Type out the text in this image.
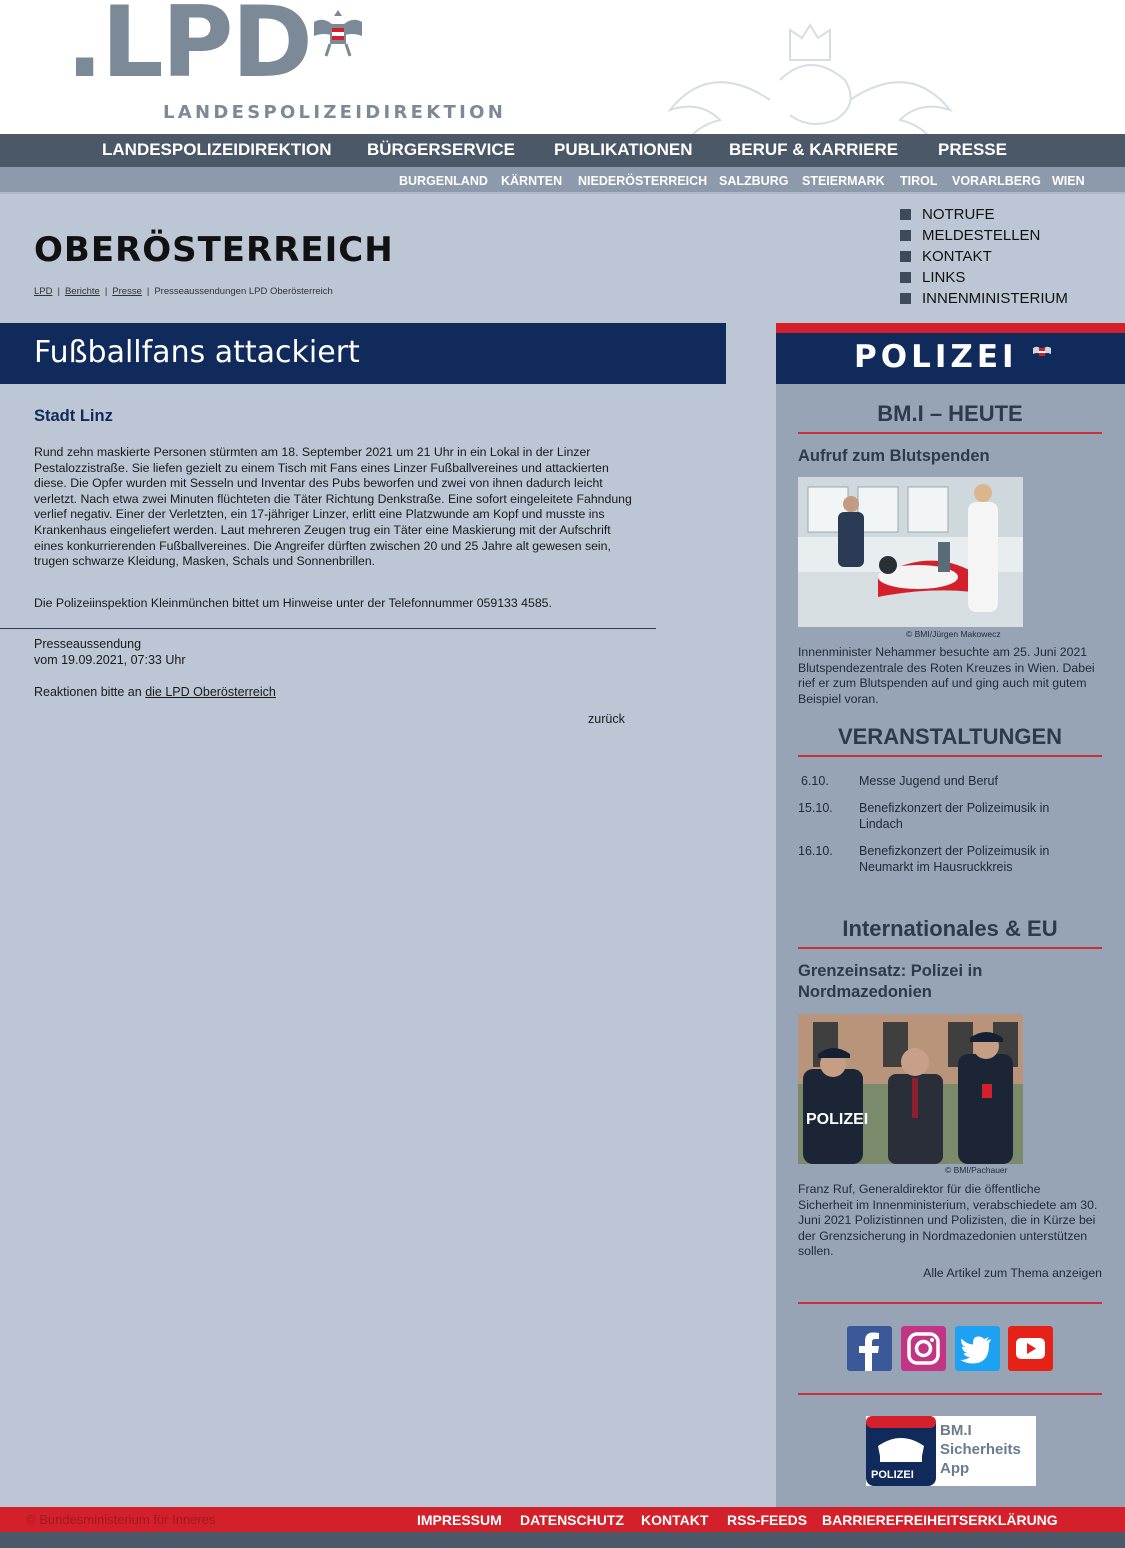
.LPD
LANDESPOLIZEIDIREKTION
LANDESPOLIZEIDIREKTION BÜRGERSERVICE PUBLIKATIONEN BERUF & KARRIERE PRESSE
BURGENLAND KÄRNTEN NIEDERÖSTERREICH SALZBURG STEIERMARK TIROL VORARLBERG WIEN
OBERÖSTERREICH
LPD | Berichte | Presse | Presseaussendungen LPD Oberösterreich
NOTRUFE
MELDESTELLEN
KONTAKT
LINKS
INNENMINISTERIUM
Fußballfans attackiert
Stadt Linz

Rund zehn maskierte Personen stürmten am 18. September 2021 um 21 Uhr in ein Lokal in der Linzer Pestalozzistraße. Sie liefen gezielt zu einem Tisch mit Fans eines Linzer Fußballvereines und attackierten diese. Die Opfer wurden mit Sesseln und Inventar des Pubs beworfen und zwei von ihnen dadurch leicht verletzt. Nach etwa zwei Minuten flüchteten die Täter Richtung Denkstraße. Eine sofort eingeleitete Fahndung verlief negativ. Einer der Verletzten, ein 17-jähriger Linzer, erlitt eine Platzwunde am Kopf und musste ins Krankenhaus eingeliefert werden. Laut mehreren Zeugen trug ein Täter eine Maskierung mit der Aufschrift eines konkurrierenden Fußballvereines. Die Angreifer dürften zwischen 20 und 25 Jahre alt gewesen sein, trugen schwarze Kleidung, Masken, Schals und Sonnenbrillen.

Die Polizeiinspektion Kleinmünchen bittet um Hinweise unter der Telefonnummer 059133 4585.

Presseaussendung
vom 19.09.2021, 07:33 Uhr
Reaktionen bitte an die LPD Oberösterreich
zurück
POLIZEI
BM.I – HEUTE
Aufruf zum Blutspenden
© BMI/Jürgen Makowecz

Innenminister Nehammer besuchte am 25. Juni 2021 Blutspendezentrale des Roten Kreuzes in Wien. Dabei rief er zum Blutspenden auf und ging auch mit gutem Beispiel voran.

VERANSTALTUNGEN
6.10. Messe Jugend und Beruf
15.10. Benefizkonzert der Polizeimusik in Lindach
16.10. Benefizkonzert der Polizeimusik in Neumarkt im Hausruckkreis
Internationales & EU
Grenzeinsatz: Polizei in Nordmazedonien
POLIZEI
© BMI/Pachauer

Franz Ruf, Generaldirektor für die öffentliche Sicherheit im Innenministerium, verabschiedete am 30. Juni 2021 Polizistinnen und Polizisten, die in Kürze bei der Grenzsicherung in Nordmazedonien unterstützen sollen.

Alle Artikel zum Thema anzeigen
POLIZEI
BM.I
Sicherheits
App
© Bundesministerium für Inneres	IMPRESSUM DATENSCHUTZ KONTAKT RSS-FEEDS BARRIEREFREIHEITSERKLÄRUNG
